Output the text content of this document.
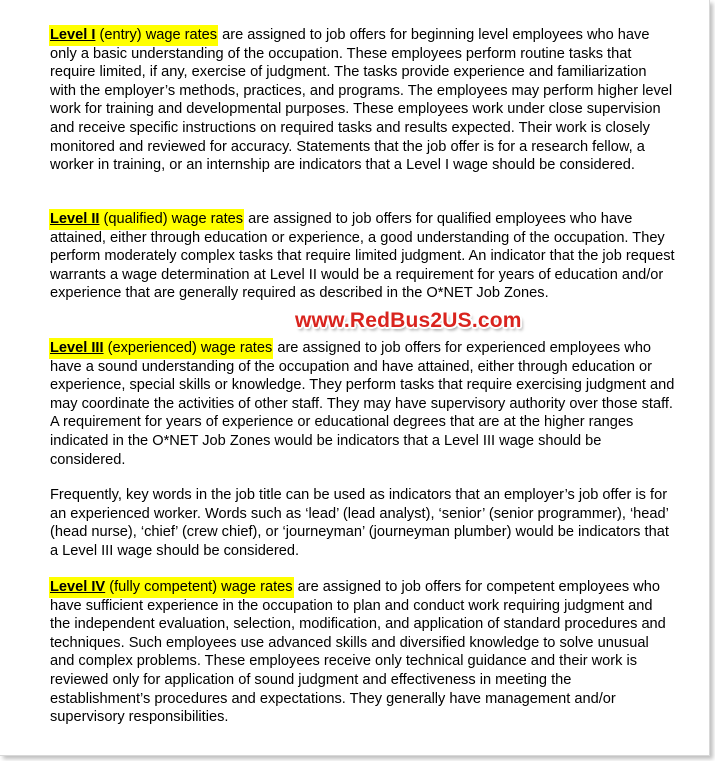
Level I (entry) wage rates are assigned to job offers for beginning level employees who have only a basic understanding of the occupation. These employees perform routine tasks that require limited, if any, exercise of judgment. The tasks provide experience and familiarization with the employer’s methods, practices, and programs. The employees may perform higher level work for training and developmental purposes. These employees work under close supervision and receive specific instructions on required tasks and results expected. Their work is closely monitored and reviewed for accuracy. Statements that the job offer is for a research fellow, a worker in training, or an internship are indicators that a Level I wage should be considered.

Level II (qualified) wage rates are assigned to job offers for qualified employees who have attained, either through education or experience, a good understanding of the occupation. They perform moderately complex tasks that require limited judgment. An indicator that the job request warrants a wage determination at Level II would be a requirement for years of education and/or experience that are generally required as described in the O*NET Job Zones.

Level III (experienced) wage rates are assigned to job offers for experienced employees who have a sound understanding of the occupation and have attained, either through education or experience, special skills or knowledge. They perform tasks that require exercising judgment and may coordinate the activities of other staff. They may have supervisory authority over those staff. A requirement for years of experience or educational degrees that are at the higher ranges indicated in the O*NET Job Zones would be indicators that a Level III wage should be considered.

Frequently, key words in the job title can be used as indicators that an employer’s job offer is for an experienced worker. Words such as ‘lead’ (lead analyst), ‘senior’ (senior programmer), ‘head’ (head nurse), ‘chief’ (crew chief), or ‘journeyman’ (journeyman plumber) would be indicators that a Level III wage should be considered.

Level IV (fully competent) wage rates are assigned to job offers for competent employees who have sufficient experience in the occupation to plan and conduct work requiring judgment and the independent evaluation, selection, modification, and application of standard procedures and techniques. Such employees use advanced skills and diversified knowledge to solve unusual and complex problems. These employees receive only technical guidance and their work is reviewed only for application of sound judgment and effectiveness in meeting the establishment’s procedures and expectations. They generally have management and/or supervisory responsibilities.

www.RedBus2US.com
